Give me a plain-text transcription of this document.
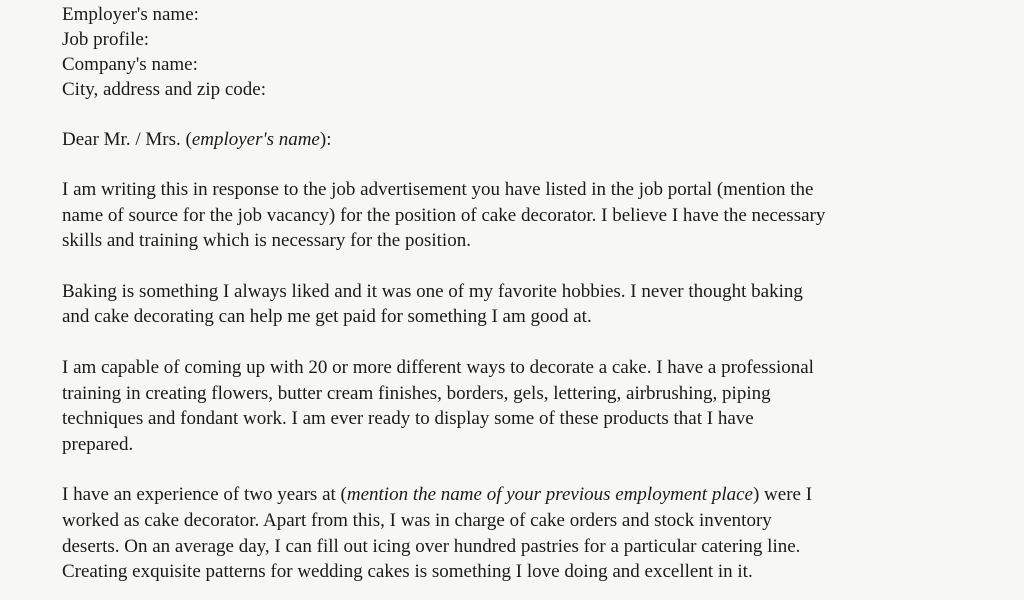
Employer's name:
Job profile:
Company's name:
City, address and zip code:
Dear Mr. / Mrs. (employer's name):
I am writing this in response to the job advertisement you have listed in the job portal (mention the
name of source for the job vacancy) for the position of cake decorator. I believe I have the necessary
skills and training which is necessary for the position.
Baking is something I always liked and it was one of my favorite hobbies. I never thought baking
and cake decorating can help me get paid for something I am good at.
I am capable of coming up with 20 or more different ways to decorate a cake. I have a professional
training in creating flowers, butter cream finishes, borders, gels, lettering, airbrushing, piping
techniques and fondant work. I am ever ready to display some of these products that I have
prepared.
I have an experience of two years at (mention the name of your previous employment place) were I
worked as cake decorator. Apart from this, I was in charge of cake orders and stock inventory
deserts. On an average day, I can fill out icing over hundred pastries for a particular catering line.
Creating exquisite patterns for wedding cakes is something I love doing and excellent in it.
